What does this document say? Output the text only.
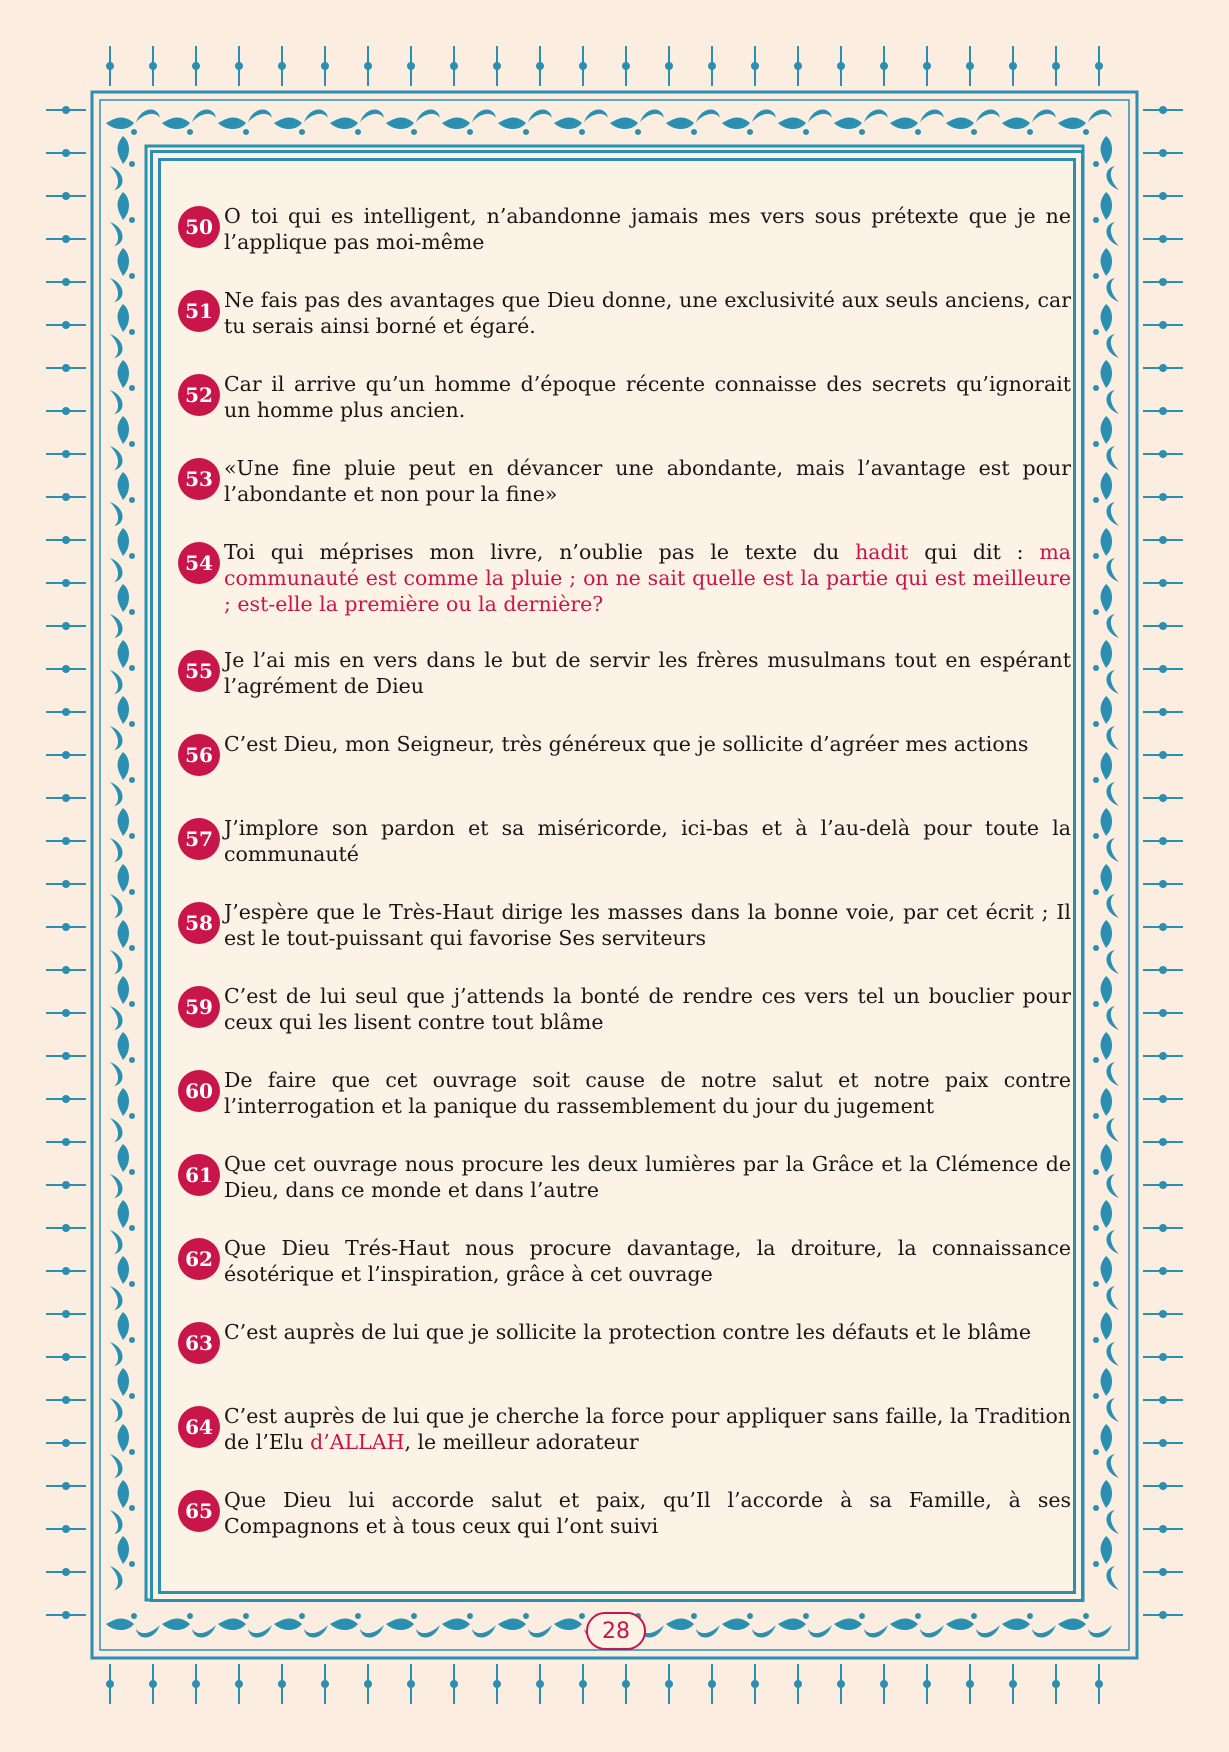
50 O toi qui es intelligent, n’abandonne jamais mes vers sous prétexte que je ne l’applique pas moi-même
51 Ne fais pas des avantages que Dieu donne, une exclusivité aux seuls anciens, car tu serais ainsi borné et égaré.
52 Car il arrive qu’un homme d’époque récente connaisse des secrets qu’ignorait un homme plus ancien.
53 «Une fine pluie peut en dévancer une abondante, mais l’avantage est pour l’abondante et non pour la fine»
54 Toi qui méprises mon livre, n’oublie pas le texte du hadit qui dit : ma communauté est comme la pluie ; on ne sait quelle est la partie qui est meilleure ; est-elle la première ou la dernière?
55 Je l’ai mis en vers dans le but de servir les frères musulmans tout en espérant l’agrément de Dieu
56 C’est Dieu, mon Seigneur, très généreux que je sollicite d’agréer mes actions
57 J’implore son pardon et sa miséricorde, ici-bas et à l’au-delà pour toute la communauté
58 J’espère que le Très-Haut dirige les masses dans la bonne voie, par cet écrit ; Il est le tout-puissant qui favorise Ses serviteurs
59 C’est de lui seul que j’attends la bonté de rendre ces vers tel un bouclier pour ceux qui les lisent contre tout blâme
60 De faire que cet ouvrage soit cause de notre salut et notre paix contre l’interrogation et la panique du rassemblement du jour du jugement
61 Que cet ouvrage nous procure les deux lumières par la Grâce et la Clémence de Dieu, dans ce monde et dans l’autre
62 Que Dieu Trés-Haut nous procure davantage, la droiture, la connaissance ésotérique et l’inspiration, grâce à cet ouvrage
63 C’est auprès de lui que je sollicite la protection contre les défauts et le blâme
64 C’est auprès de lui que je cherche la force pour appliquer sans faille, la Tradition de l’Elu d’ALLAH, le meilleur adorateur
65 Que Dieu lui accorde salut et paix, qu’Il l’accorde à sa Famille, à ses Compagnons et à tous ceux qui l’ont suivi
28
